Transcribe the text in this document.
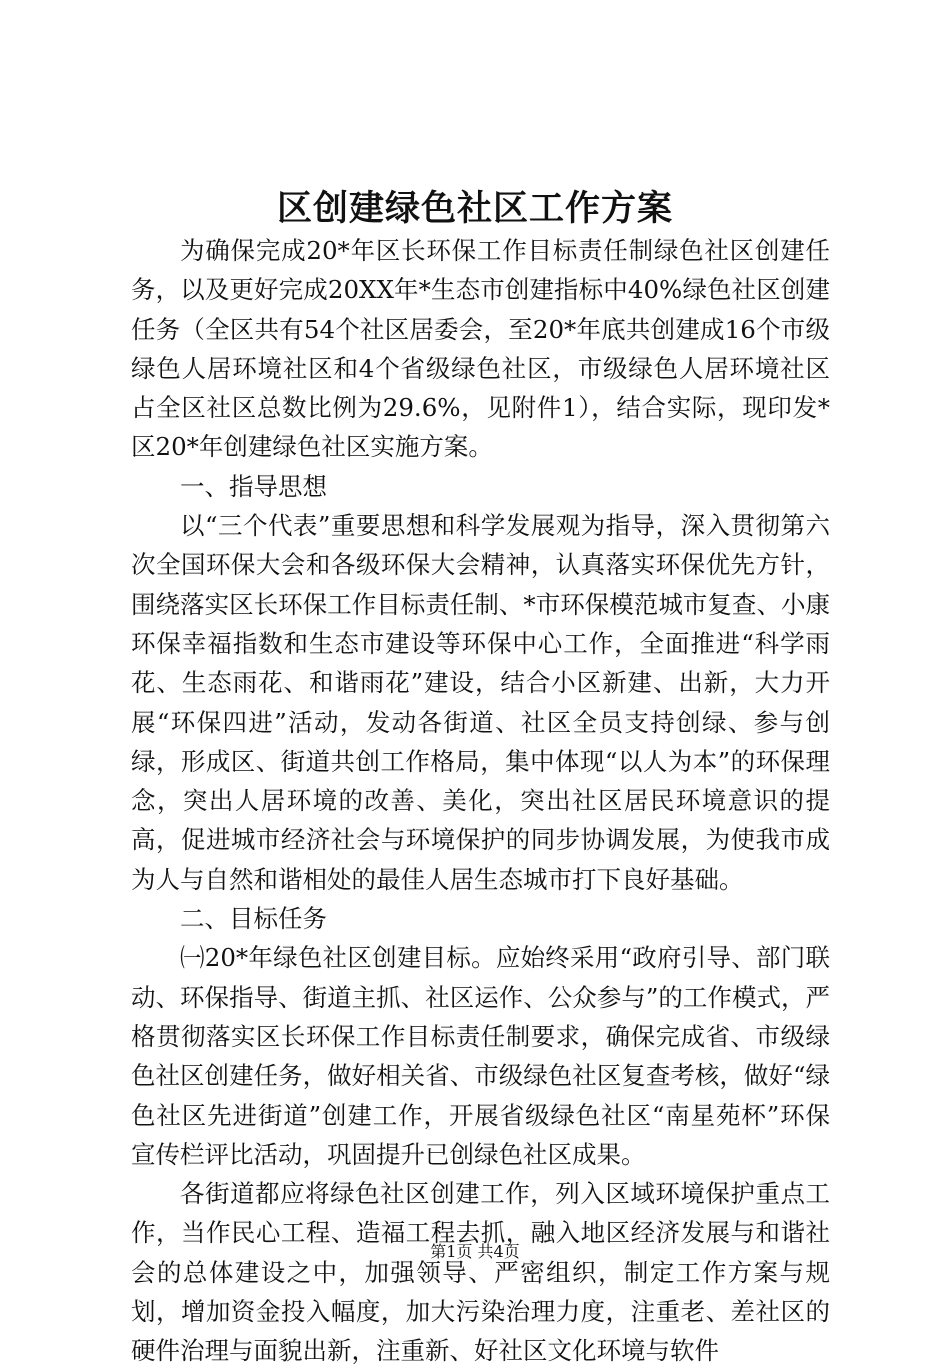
区创建绿色社区工作方案

为确保完成20*年区长环保工作目标责任制绿色社区创建任务，以及更好完成20XX年*生态市创建指标中40%绿色社区创建任务（全区共有54个社区居委会，至20*年底共创建成16个市级绿色人居环境社区和4个省级绿色社区，市级绿色人居环境社区占全区社区总数比例为29.6%，见附件1），结合实际，现印发*区20*年创建绿色社区实施方案。

一、指导思想

以“三个代表”重要思想和科学发展观为指导，深入贯彻第六次全国环保大会和各级环保大会精神，认真落实环保优先方针，围绕落实区长环保工作目标责任制、*市环保模范城市复查、小康环保幸福指数和生态市建设等环保中心工作，全面推进“科学雨花、生态雨花、和谐雨花”建设，结合小区新建、出新，大力开展“环保四进”活动，发动各街道、社区全员支持创绿、参与创绿，形成区、街道共创工作格局，集中体现“以人为本”的环保理念，突出人居环境的改善、美化，突出社区居民环境意识的提高，促进城市经济社会与环境保护的同步协调发展，为使我市成为人与自然和谐相处的最佳人居生态城市打下良好基础。

二、目标任务

㈠20*年绿色社区创建目标。应始终采用“政府引导、部门联动、环保指导、街道主抓、社区运作、公众参与”的工作模式，严格贯彻落实区长环保工作目标责任制要求，确保完成省、市级绿色社区创建任务，做好相关省、市级绿色社区复查考核，做好“绿色社区先进街道”创建工作，开展省级绿色社区“南星苑杯”环保宣传栏评比活动，巩固提升已创绿色社区成果。

各街道都应将绿色社区创建工作，列入区域环境保护重点工作，当作民心工程、造福工程去抓，融入地区经济发展与和谐社会的总体建设之中，加强领导、严密组织，制定工作方案与规划，增加资金投入幅度，加大污染治理力度，注重老、差社区的硬件治理与面貌出新，注重新、好社区文化环境与软件

第1页 共4页
